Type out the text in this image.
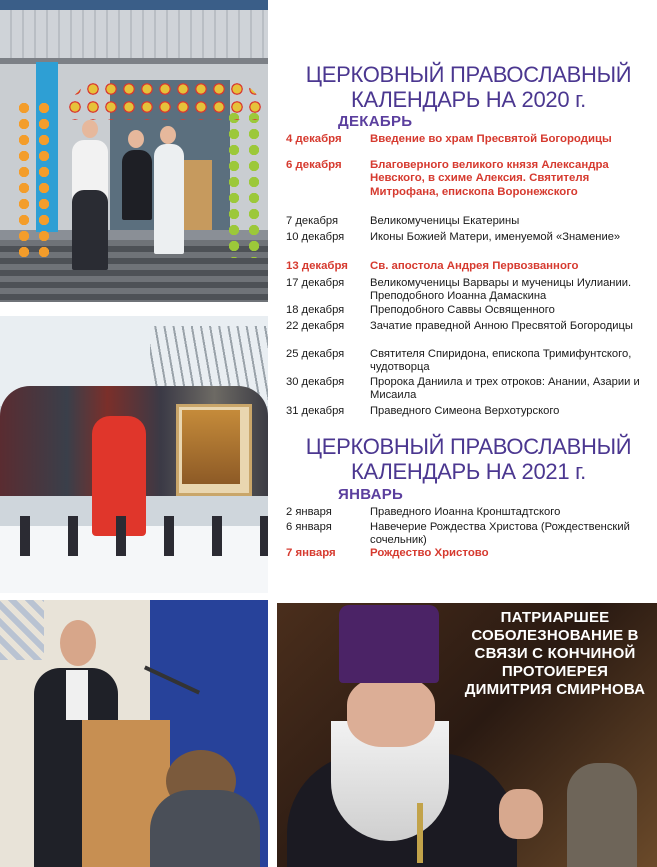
ПАТРИАРШЕЕ СОБОЛЕЗНОВАНИЕ В СВЯЗИ С КОНЧИНОЙ ПРОТОИЕРЕЯ ДИМИТРИЯ СМИРНОВА
ЦЕРКОВНЫЙ ПРАВОСЛАВНЫЙ
КАЛЕНДАРЬ НА 2020 г.
ДЕКАБРЬ
4 декабря	Введение во храм Пресвятой Богородицы
6 декабря	Благоверного великого князя Александра Невского, в схиме Алексия. Святителя Митрофана, епископа Воронежского
7 декабря	Великомученицы Екатерины
10 декабря	Иконы Божией Матери, именуемой «Знамение»
13 декабря	Св. апостола Андрея Первозванного
17 декабря	Великомученицы Варвары и мученицы Иулиании. Преподобного Иоанна Дамаскина
18 декабря	Преподобного Саввы Освященного
22 декабря	Зачатие праведной Анною Пресвятой Богородицы
25 декабря	Святителя Спиридона, епископа Тримифунтского, чудотворца
30 декабря	Пророка Даниила и трех отроков: Анании, Азарии и Мисаила
31 декабря	Праведного Симеона Верхотурского
ЦЕРКОВНЫЙ ПРАВОСЛАВНЫЙ
КАЛЕНДАРЬ НА 2021 г.
ЯНВАРЬ
2 января	Праведного Иоанна Кронштадтского
6 января	Навечерие Рождества Христова (Рождественский сочельник)
7 января	Рождество Христово
